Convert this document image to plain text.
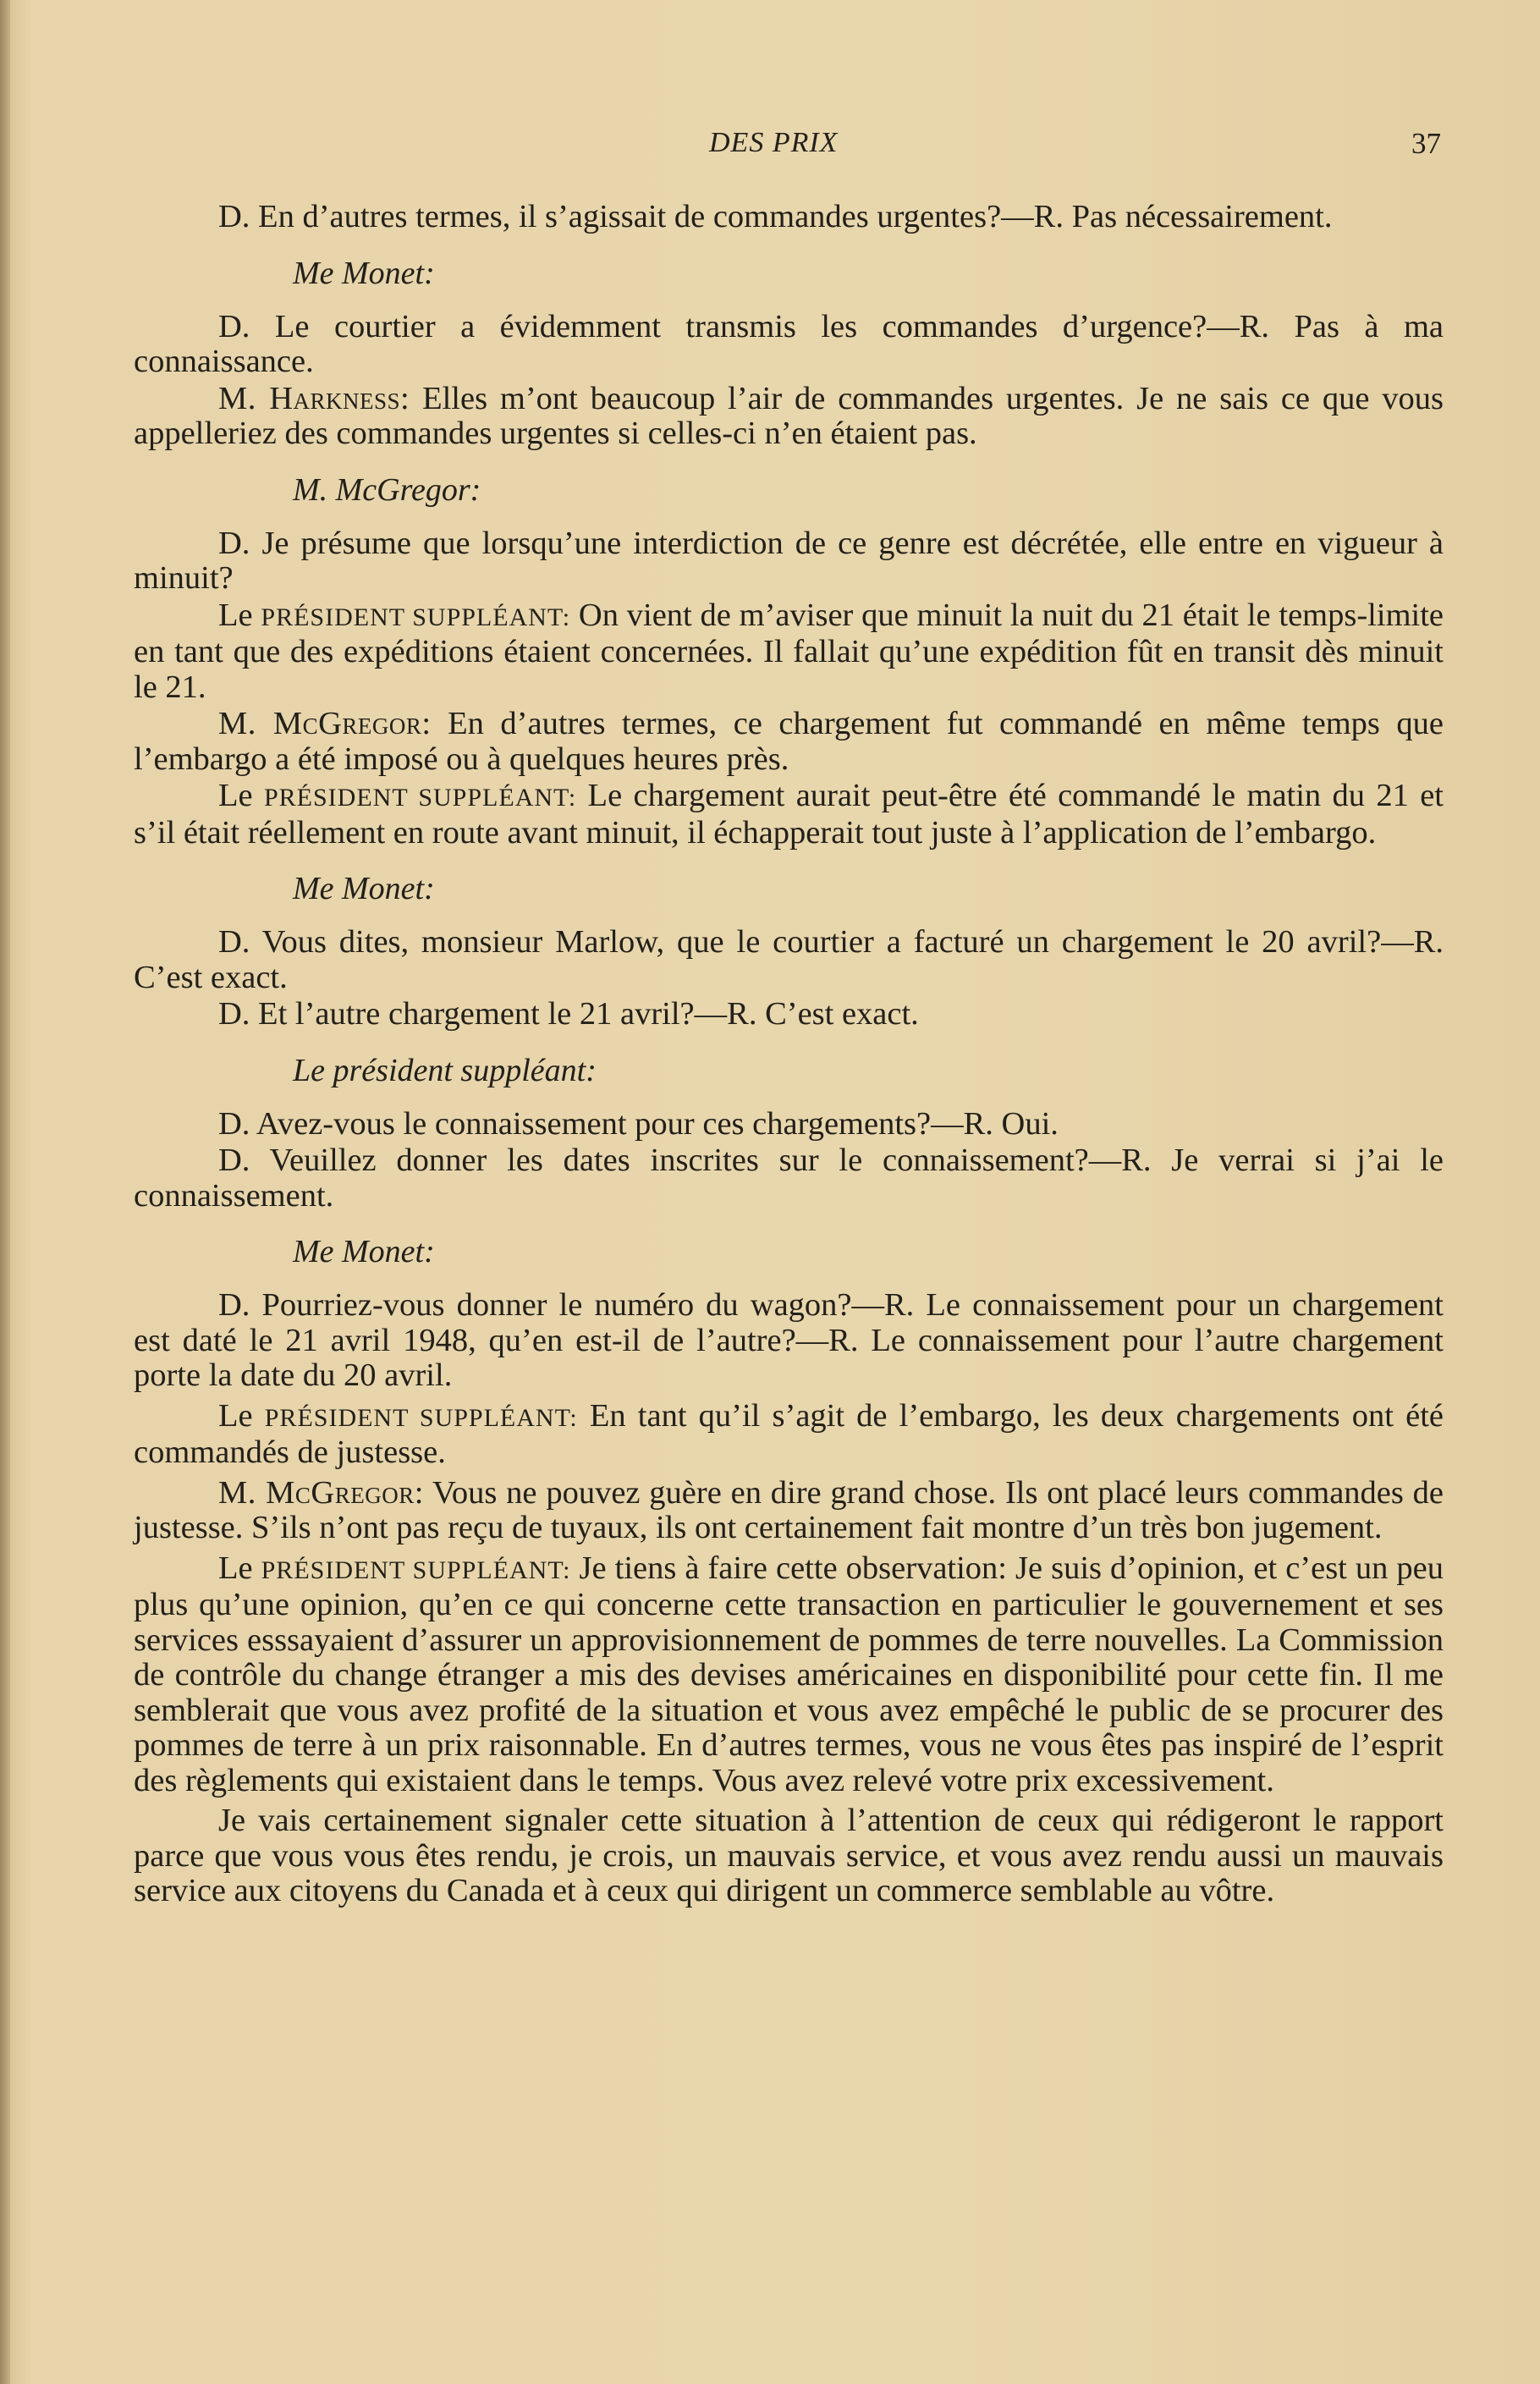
DES PRIX	37

D. En d’autres termes, il s’agissait de commandes urgentes?—R. Pas nécessairement.

Me Monet:

D. Le courtier a évidemment transmis les commandes d’urgence?—R. Pas à ma connaissance.

M. Harkness: Elles m’ont beaucoup l’air de commandes urgentes. Je ne sais ce que vous appelleriez des commandes urgentes si celles-ci n’en étaient pas.

M. McGregor:

D. Je présume que lorsqu’une interdiction de ce genre est décrétée, elle entre en vigueur à minuit?

Le PRÉSIDENT SUPPLÉANT: On vient de m’aviser que minuit la nuit du 21 était le temps-limite en tant que des expéditions étaient concernées. Il fallait qu’une expédition fût en transit dès minuit le 21.

M. McGregor: En d’autres termes, ce chargement fut commandé en même temps que l’embargo a été imposé ou à quelques heures près.

Le PRÉSIDENT SUPPLÉANT: Le chargement aurait peut-être été commandé le matin du 21 et s’il était réellement en route avant minuit, il échapperait tout juste à l’application de l’embargo.

Me Monet:

D. Vous dites, monsieur Marlow, que le courtier a facturé un chargement le 20 avril?—R. C’est exact.

D. Et l’autre chargement le 21 avril?—R. C’est exact.

Le président suppléant:

D. Avez-vous le connaissement pour ces chargements?—R. Oui.

D. Veuillez donner les dates inscrites sur le connaissement?—R. Je verrai si j’ai le connaissement.

Me Monet:

D. Pourriez-vous donner le numéro du wagon?—R. Le connaissement pour un chargement est daté le 21 avril 1948, qu’en est-il de l’autre?—R. Le connaissement pour l’autre chargement porte la date du 20 avril.

Le PRÉSIDENT SUPPLÉANT: En tant qu’il s’agit de l’embargo, les deux chargements ont été commandés de justesse.

M. McGregor: Vous ne pouvez guère en dire grand chose. Ils ont placé leurs commandes de justesse. S’ils n’ont pas reçu de tuyaux, ils ont certainement fait montre d’un très bon jugement.

Le PRÉSIDENT SUPPLÉANT: Je tiens à faire cette observation: Je suis d’opinion, et c’est un peu plus qu’une opinion, qu’en ce qui concerne cette transaction en particulier le gouvernement et ses services esssayaient d’assurer un approvisionnement de pommes de terre nouvelles. La Commission de contrôle du change étranger a mis des devises américaines en disponibilité pour cette fin. Il me semblerait que vous avez profité de la situation et vous avez empêché le public de se procurer des pommes de terre à un prix raisonnable. En d’autres termes, vous ne vous êtes pas inspiré de l’esprit des règlements qui existaient dans le temps. Vous avez relevé votre prix excessivement.

Je vais certainement signaler cette situation à l’attention de ceux qui rédigeront le rapport parce que vous vous êtes rendu, je crois, un mauvais service, et vous avez rendu aussi un mauvais service aux citoyens du Canada et à ceux qui dirigent un commerce semblable au vôtre.
